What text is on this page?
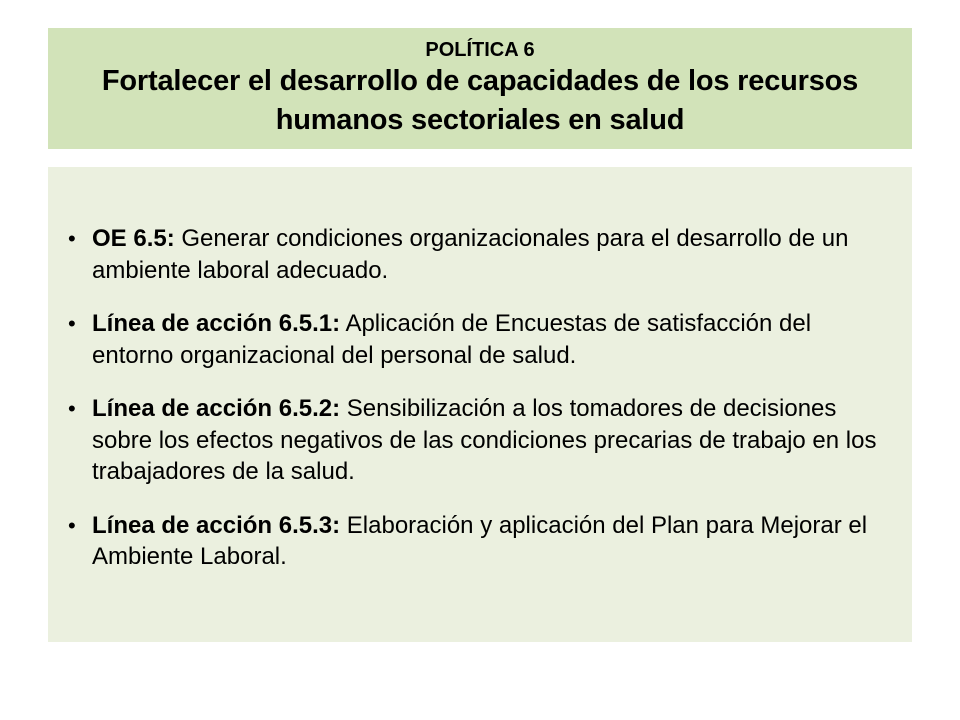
POLÍTICA 6
Fortalecer el desarrollo de capacidades de los recursos
humanos sectoriales en salud
• OE 6.5: Generar condiciones organizacionales para el desarrollo de un ambiente laboral adecuado.
• Línea de acción 6.5.1: Aplicación de Encuestas de satisfacción del entorno organizacional del personal de salud.
• Línea de acción 6.5.2: Sensibilización a los tomadores de decisiones sobre los efectos negativos de las condiciones precarias de trabajo en los trabajadores de la salud.
• Línea de acción 6.5.3: Elaboración y aplicación del Plan para Mejorar el Ambiente Laboral.
